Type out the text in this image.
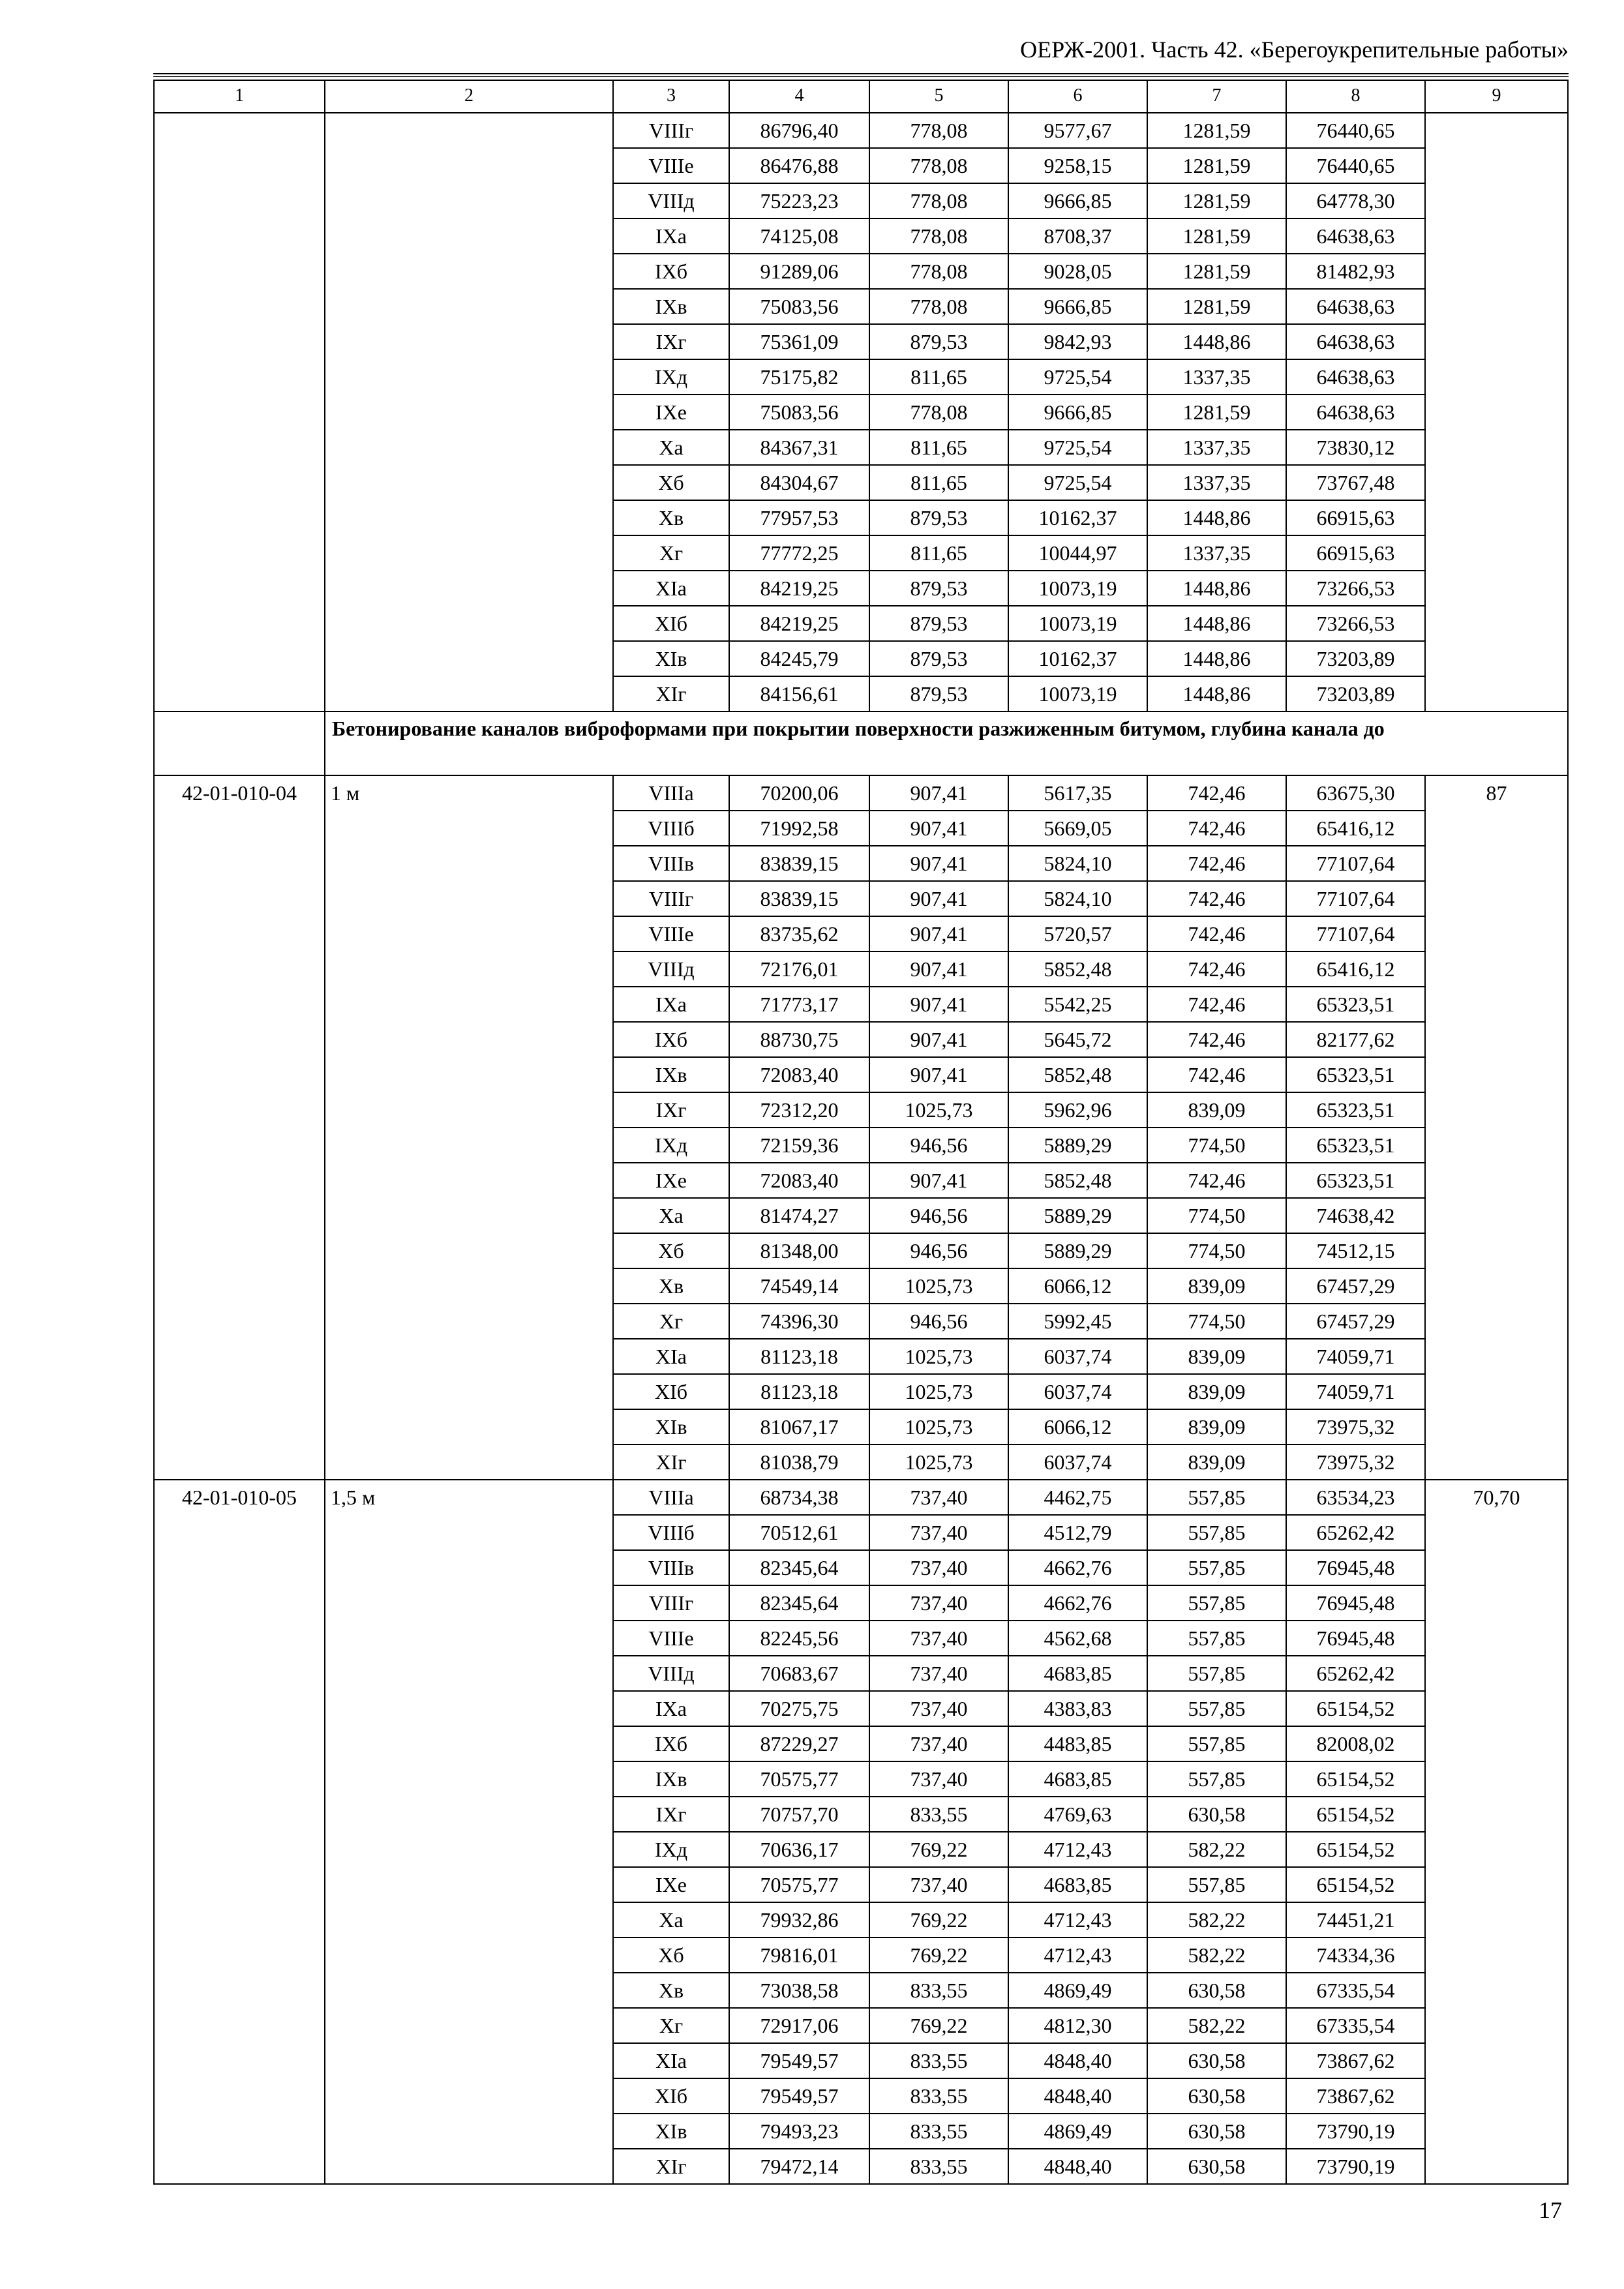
ОЕРЖ-2001. Часть 42. «Берегоукрепительные работы»
1	2	3	4	5	6	7	8	9
		VIIIг	86796,40	778,08	9577,67	1281,59	76440,65	
		VIIIе	86476,88	778,08	9258,15	1281,59	76440,65	
		VIIIд	75223,23	778,08	9666,85	1281,59	64778,30	
		IXа	74125,08	778,08	8708,37	1281,59	64638,63	
		IXб	91289,06	778,08	9028,05	1281,59	81482,93	
		IXв	75083,56	778,08	9666,85	1281,59	64638,63	
		IXг	75361,09	879,53	9842,93	1448,86	64638,63	
		IXд	75175,82	811,65	9725,54	1337,35	64638,63	
		IXе	75083,56	778,08	9666,85	1281,59	64638,63	
		Xа	84367,31	811,65	9725,54	1337,35	73830,12	
		Xб	84304,67	811,65	9725,54	1337,35	73767,48	
		Xв	77957,53	879,53	10162,37	1448,86	66915,63	
		Xг	77772,25	811,65	10044,97	1337,35	66915,63	
		XIа	84219,25	879,53	10073,19	1448,86	73266,53	
		XIб	84219,25	879,53	10073,19	1448,86	73266,53	
		XIв	84245,79	879,53	10162,37	1448,86	73203,89	
		XIг	84156,61	879,53	10073,19	1448,86	73203,89	
	Бетонирование каналов виброформами при покрытии поверхности разжиженным битумом, глубина канала до							
42-01-010-04	1 м	VIIIа	70200,06	907,41	5617,35	742,46	63675,30	87
		VIIIб	71992,58	907,41	5669,05	742,46	65416,12	
		VIIIв	83839,15	907,41	5824,10	742,46	77107,64	
		VIIIг	83839,15	907,41	5824,10	742,46	77107,64	
		VIIIе	83735,62	907,41	5720,57	742,46	77107,64	
		VIIIд	72176,01	907,41	5852,48	742,46	65416,12	
		IXа	71773,17	907,41	5542,25	742,46	65323,51	
		IXб	88730,75	907,41	5645,72	742,46	82177,62	
		IXв	72083,40	907,41	5852,48	742,46	65323,51	
		IXг	72312,20	1025,73	5962,96	839,09	65323,51	
		IXд	72159,36	946,56	5889,29	774,50	65323,51	
		IXе	72083,40	907,41	5852,48	742,46	65323,51	
		Xа	81474,27	946,56	5889,29	774,50	74638,42	
		Xб	81348,00	946,56	5889,29	774,50	74512,15	
		Xв	74549,14	1025,73	6066,12	839,09	67457,29	
		Xг	74396,30	946,56	5992,45	774,50	67457,29	
		XIа	81123,18	1025,73	6037,74	839,09	74059,71	
		XIб	81123,18	1025,73	6037,74	839,09	74059,71	
		XIв	81067,17	1025,73	6066,12	839,09	73975,32	
		XIг	81038,79	1025,73	6037,74	839,09	73975,32	
42-01-010-05	1,5 м	VIIIа	68734,38	737,40	4462,75	557,85	63534,23	70,70
		VIIIб	70512,61	737,40	4512,79	557,85	65262,42	
		VIIIв	82345,64	737,40	4662,76	557,85	76945,48	
		VIIIг	82345,64	737,40	4662,76	557,85	76945,48	
		VIIIе	82245,56	737,40	4562,68	557,85	76945,48	
		VIIIд	70683,67	737,40	4683,85	557,85	65262,42	
		IXа	70275,75	737,40	4383,83	557,85	65154,52	
		IXб	87229,27	737,40	4483,85	557,85	82008,02	
		IXв	70575,77	737,40	4683,85	557,85	65154,52	
		IXг	70757,70	833,55	4769,63	630,58	65154,52	
		IXд	70636,17	769,22	4712,43	582,22	65154,52	
		IXе	70575,77	737,40	4683,85	557,85	65154,52	
		Xа	79932,86	769,22	4712,43	582,22	74451,21	
		Xб	79816,01	769,22	4712,43	582,22	74334,36	
		Xв	73038,58	833,55	4869,49	630,58	67335,54	
		Xг	72917,06	769,22	4812,30	582,22	67335,54	
		XIа	79549,57	833,55	4848,40	630,58	73867,62	
		XIб	79549,57	833,55	4848,40	630,58	73867,62	
		XIв	79493,23	833,55	4869,49	630,58	73790,19	
		XIг	79472,14	833,55	4848,40	630,58	73790,19	
17
